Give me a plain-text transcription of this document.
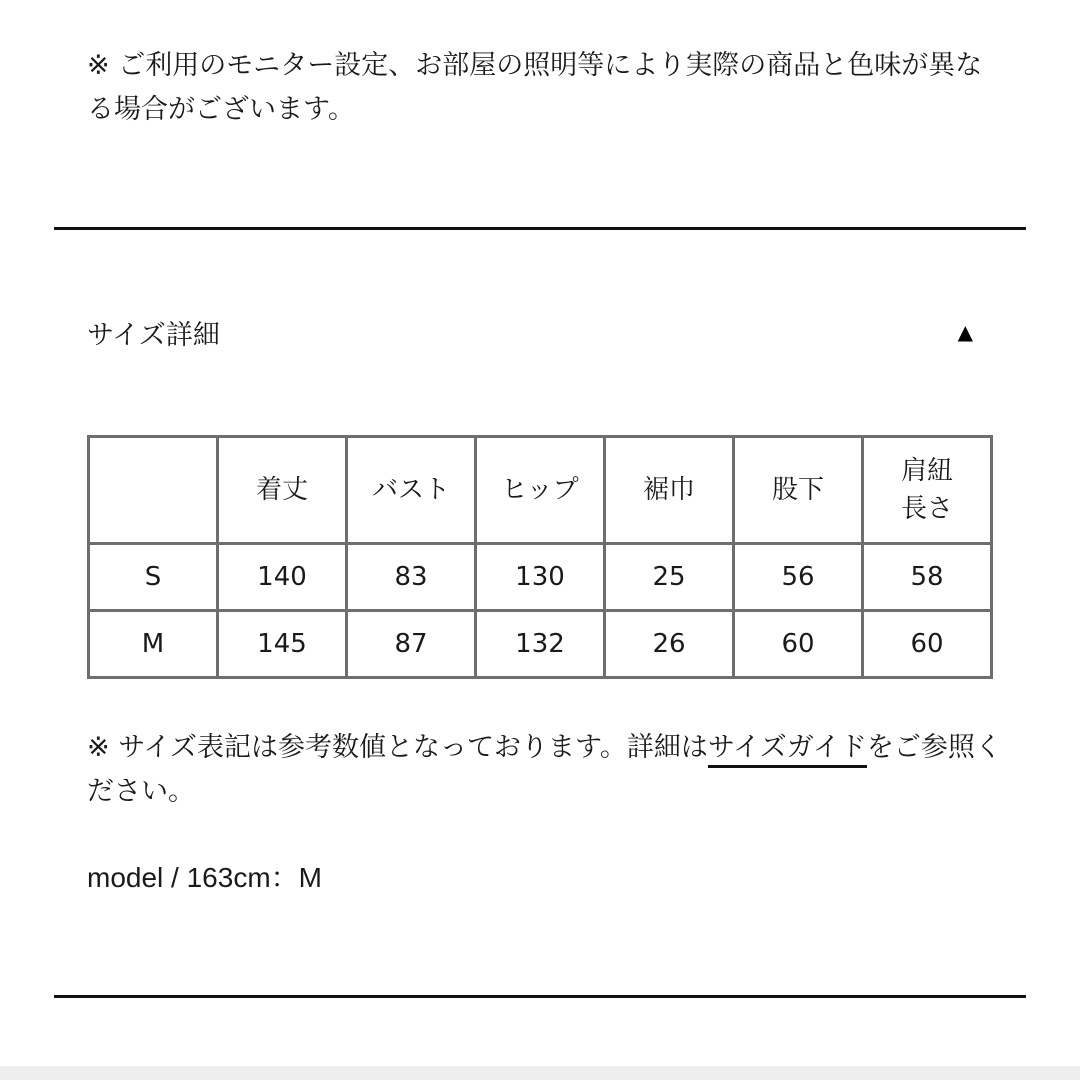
※ ご利用のモニター設定、お部屋の照明等により実際の商品と色味が異なる場合がございます。
サイズ詳細	▲
	着丈	バスト	ヒップ	裾巾	股下	肩紐
長さ
S	140	83	130	25	56	58
M	145	87	132	26	60	60
※ サイズ表記は参考数値となっております。詳細はサイズガイドをご参照ください。
model / 163cm：M
